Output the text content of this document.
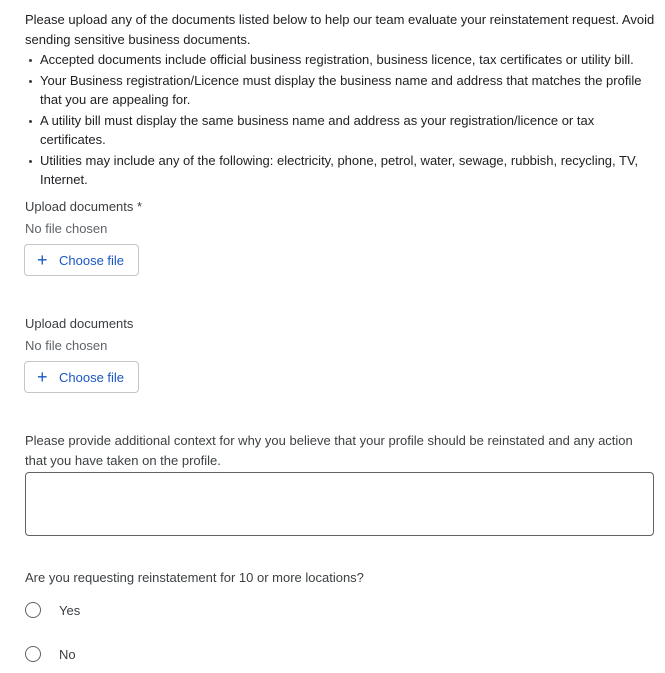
Please upload any of the documents listed below to help our team evaluate your reinstatement request. Avoid sending sensitive business documents.
Accepted documents include official business registration, business licence, tax certificates or utility bill.
Your Business registration/Licence must display the business name and address that matches the profile that you are appealing for.
A utility bill must display the same business name and address as your registration/licence or tax certificates.
Utilities may include any of the following: electricity, phone, petrol, water, sewage, rubbish, recycling, TV, Internet.
Upload documents *
No file chosen
+ Choose file
Upload documents
No file chosen
+ Choose file
Please provide additional context for why you believe that your profile should be reinstated and any action that you have taken on the profile.
Are you requesting reinstatement for 10 or more locations?
Yes
No
